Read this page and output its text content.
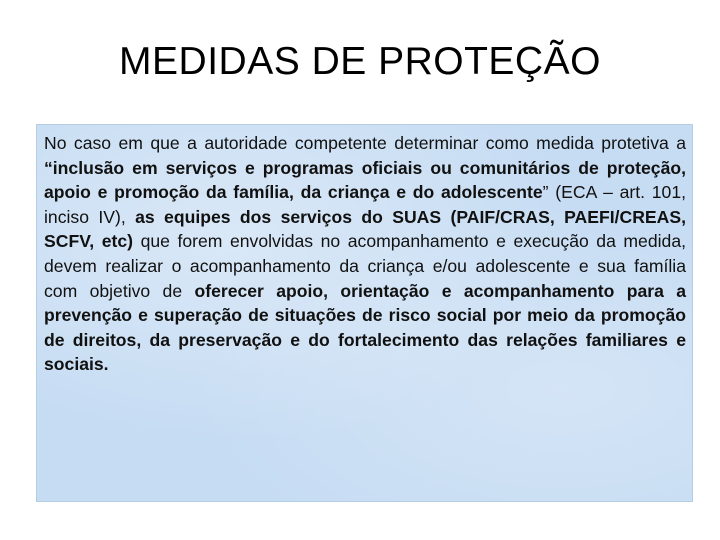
MEDIDAS DE PROTEÇÃO

No caso em que a autoridade competente determinar como medida protetiva a “inclusão em serviços e programas oficiais ou comunitários de proteção, apoio e promoção da família, da criança e do adolescente” (ECA – art. 101, inciso IV), as equipes dos serviços do SUAS (PAIF/CRAS, PAEFI/CREAS, SCFV, etc) que forem envolvidas no acompanhamento e execução da medida, devem realizar o acompanhamento da criança e/ou adolescente e sua família com objetivo de oferecer apoio, orientação e acompanhamento para a prevenção e superação de situações de risco social por meio da promoção de direitos, da preservação e do fortalecimento das relações familiares e sociais.
